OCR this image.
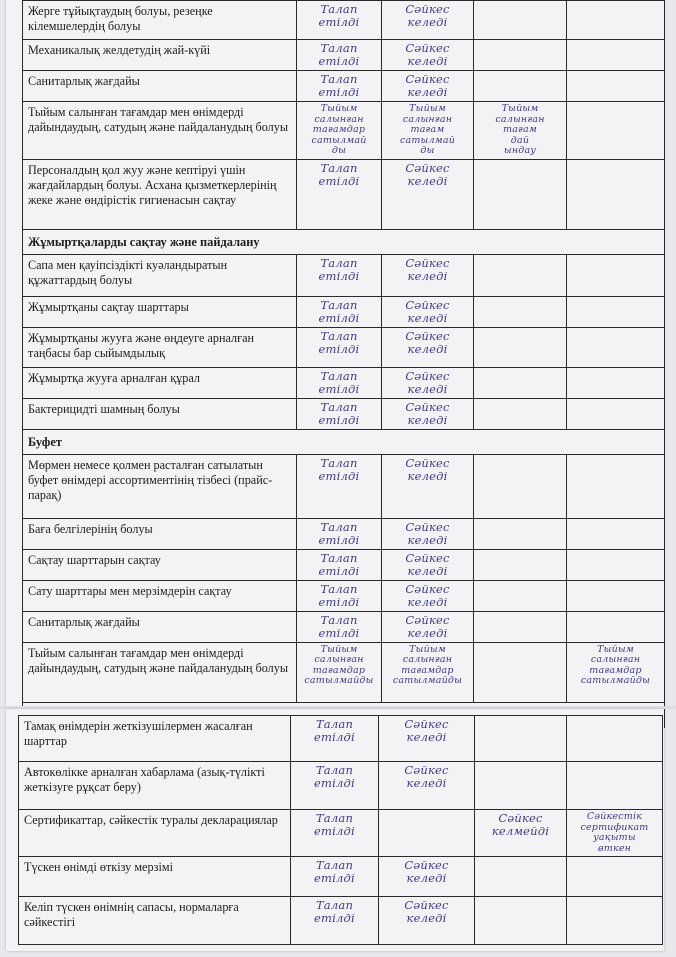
Жерге тұйықтаудың болуы, резеңке кілемшелердің болуы	Талап
етілді	Сәйкес
келеді		
Механикалық желдетудің жай-күйі	Талап
етілді	Сәйкес
келеді		
Санитарлық жағдайы	Талап
етілді	Сәйкес
келеді		
Тыйым салынған тағамдар мен өнімдерді дайындаудың, сатудың және пайдаланудың болуы	Тыйым
салынған
тағамдар
сатылмай
ды	Тыйым
салынған
тағам
сатылмай
ды	Тыйым
салынған
тағам
дай
ындау	
Персоналдың қол жуу және кептіруі үшін жағдайлардың болуы. Асхана қызметкерлерінің жеке және өндірістік гигиенасын сақтау	Талап
етілді	Сәйкес
келеді		
Жұмыртқаларды сақтау және пайдалану				
Сапа мен қауіпсіздікті куәландыратын құжаттардың болуы	Талап
етілді	Сәйкес
келеді		
Жұмыртқаны сақтау шарттары	Талап
етілді	Сәйкес
келеді		
Жұмыртқаны жууға және өңдеуге арналған таңбасы бар сыйымдылық	Талап
етілді	Сәйкес
келеді		
Жұмыртқа жууға арналған құрал	Талап
етілді	Сәйкес
келеді		
Бактерицидті шамның болуы	Талап
етілді	Сәйкес
келеді		
Буфет				
Мөрмен немесе қолмен расталған сатылатын буфет өнімдері ассортиментінің тізбесі (прайс-парақ)	Талап
етілді	Сәйкес
келеді		
Баға белгілерінің болуы	Талап
етілді	Сәйкес
келеді		
Сақтау шарттарын сақтау	Талап
етілді	Сәйкес
келеді		
Сату шарттары мен мерзімдерін сақтау	Талап
етілді	Сәйкес
келеді		
Санитарлық жағдайы	Талап
етілді	Сәйкес
келеді		
Тыйым салынған тағамдар мен өнімдерді дайындаудың, сатудың және пайдаланудың болуы	Тыйым
салынған
тағамдар
сатылмайды	Тыйым
салынған
тағамдар
сатылмайды		Тыйым
салынған
тағамдар
сатылмайды

Тамақ өнімдерін жеткізушілермен жасалған шарттар	Талап
етілді	Сәйкес
келеді		
Автокөлікке арналған хабарлама (азық-түлікті жеткізуге рұқсат беру)	Талап
етілді	Сәйкес
келеді		
Сертификаттар, сәйкестік туралы декларациялар	Талап
етілді		Сәйкес
келмейді	Сәйкестік
сертификат
уақыты
өткен
Түскен өнімді өткізу мерзімі	Талап
етілді	Сәйкес
келеді		
Келіп түскен өнімнің сапасы, нормаларға сәйкестігі	Талап
етілді	Сәйкес
келеді		
